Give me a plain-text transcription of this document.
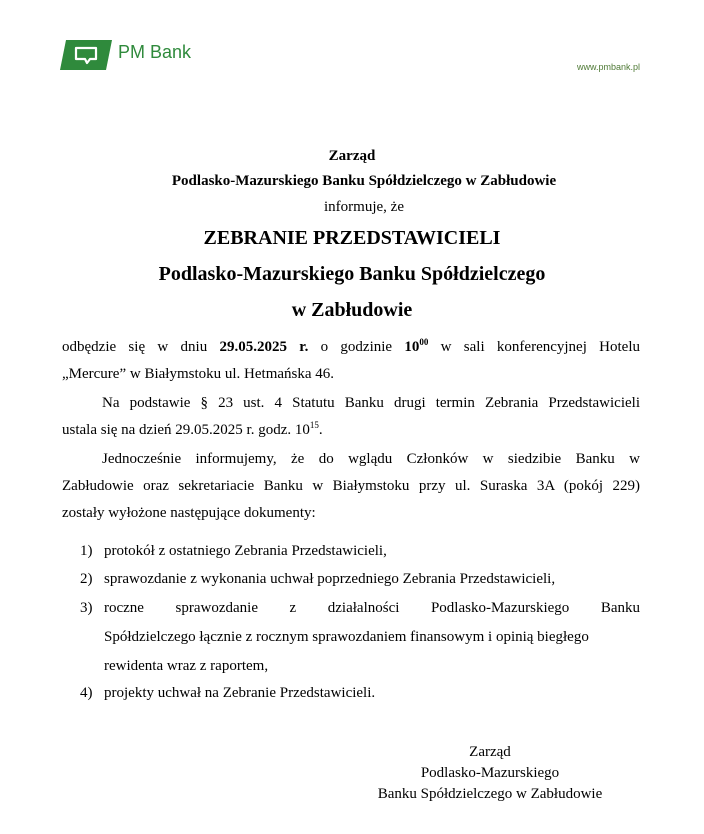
PM Bank
www.pmbank.pl
Zarząd
Podlasko-Mazurskiego Banku Spółdzielczego w Zabłudowie
informuje, że
ZEBRANIE PRZEDSTAWICIELI
Podlasko-Mazurskiego Banku Spółdzielczego
w Zabłudowie
odbędzie się w dniu 29.05.2025 r. o godzinie $10^{00}$ w sali konferencyjnej Hotelu
„Mercure” w Białymstoku ul. Hetmańska 46.
Na podstawie § 23 ust. 4 Statutu Banku drugi termin Zebrania Przedstawicieli
ustala się na dzień 29.05.2025 r. godz. $10^{15}$.
Jednocześnie informujemy, że do wglądu Członków w siedzibie Banku w
Zabłudowie oraz sekretariacie Banku w Białymstoku przy ul. Suraska 3A (pokój 229)
zostały wyłożone następujące dokumenty:
1) protokół z ostatniego Zebrania Przedstawicieli,
2) sprawozdanie z wykonania uchwał poprzedniego Zebrania Przedstawicieli,
3) roczne sprawozdanie z działalności Podlasko-Mazurskiego Banku
Spółdzielczego łącznie z rocznym sprawozdaniem finansowym i opinią biegłego
rewidenta wraz z raportem,
4) projekty uchwał na Zebranie Przedstawicieli.
Zarząd
Podlasko-Mazurskiego
Banku Spółdzielczego w Zabłudowie
